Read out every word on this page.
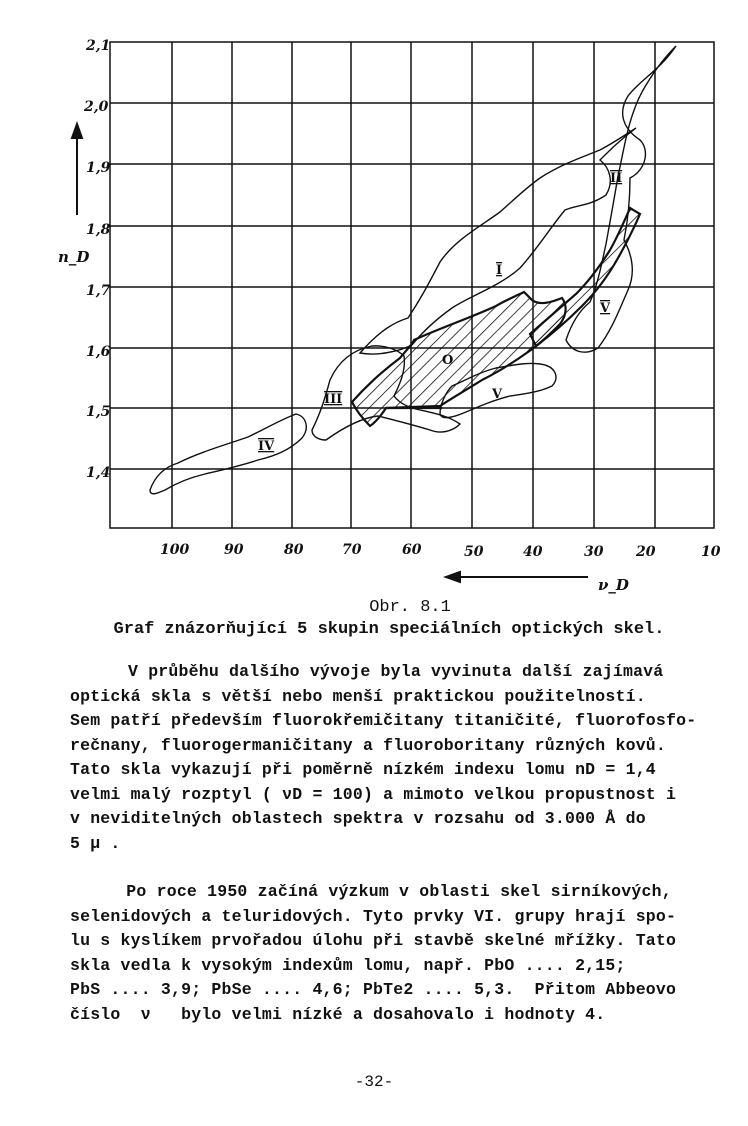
2,1
2,0
1,9
1,8
1,7
1,6
1,5
1,4
n_D
100 90	80	70	60	50	40	30 20	10
ν_D
I
II
III
IV
V
V
O
Obr. 8.1
Graf znázorňující 5 skupin speciálních optických skel.
V průběhu dalšího vývoje byla vyvinuta další zajímavá
optická skla s větší nebo menší praktickou použitelností.
Sem patří především fluorokřemičitany titaničité, fluorofosfo-
rečnany, fluorogermaničitany a fluoroboritany různých kovů.
Tato skla vykazují při poměrně nízkém indexu lomu nD = 1,4
velmi malý rozptyl ( νD = 100) a mimoto velkou propustnost i
v neviditelných oblastech spektra v rozsahu od 3.000 Å do
5 μ .
Po roce 1950 začíná výzkum v oblasti skel sirníkových,
selenidových a teluridových. Tyto prvky VI. grupy hrají spo-
lu s kyslíkem prvořadou úlohu při stavbě skelné mřížky. Tato
skla vedla k vysokým indexům lomu, např. PbO .... 2,15;
PbS .... 3,9; PbSe .... 4,6; PbTe2 .... 5,3.  Přitom Abbeovo
číslo  ν   bylo velmi nízké a dosahovalo i hodnoty 4.
-32-
